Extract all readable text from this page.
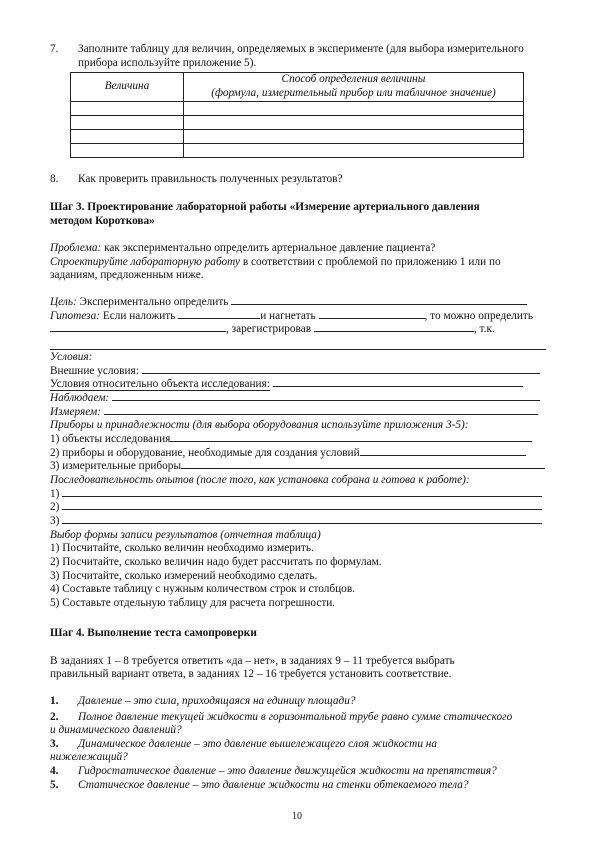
7. Заполните таблицу для величин, определяемых в эксперименте (для выбора измерительного прибора используйте приложение 5).
Величина	Способ определения величины
(формула, измерительный прибор или табличное значение)

8. Как проверить правильность полученных результатов?
Шаг 3. Проектирование лабораторной работы «Измерение артериального давления
методом Короткова»
Проблема: как экспериментально определить артериальное давление пациента?
Спроектируйте лабораторную работу в соответствии с проблемой по приложению 1 или по
заданиям, предложенным ниже.
Цель: Экспериментально определить
Гипотеза: Если наложить	и нагнетать	, то можно определить
, зарегистрировав	, т.к.
Условия:
Внешние условия:
Условия относительно объекта исследования:
Наблюдаем:
Измеряем:
Приборы и принадлежности (для выбора оборудования используйте приложения 3-5):
1) объекты исследования
2) приборы и оборудование, необходимые для создания условий
3) измерительные приборы
Последовательность опытов (после того, как установка собрана и готова к работе):
1)
2)
3)
Выбор формы записи результатов (отчетная таблица)
1) Посчитайте, сколько величин необходимо измерить.
2) Посчитайте, сколько величин надо будет рассчитать по формулам.
3) Посчитайте, сколько измерений необходимо сделать.
4) Составьте таблицу с нужным количеством строк и столбцов.
5) Составьте отдельную таблицу для расчета погрешности.
Шаг 4. Выполнение теста самопроверки
В заданиях 1 – 8 требуется ответить «да – нет», в заданиях 9 – 11 требуется выбрать
правильный вариант ответа, в заданиях 12 – 16 требуется установить соответствие.
1. Давление – это сила, приходящаяся на единицу площади?
2. Полное давление текущей жидкости в горизонтальной трубе равно сумме статического
и динамического давлений?
3. Динамическое давление – это давление вышележащего слоя жидкости на
нижележащий?
4. Гидростатическое давление – это давление движущейся жидкости на препятствия?
5. Статическое давление – это давление жидкости на стенки обтекаемого тела?
10
